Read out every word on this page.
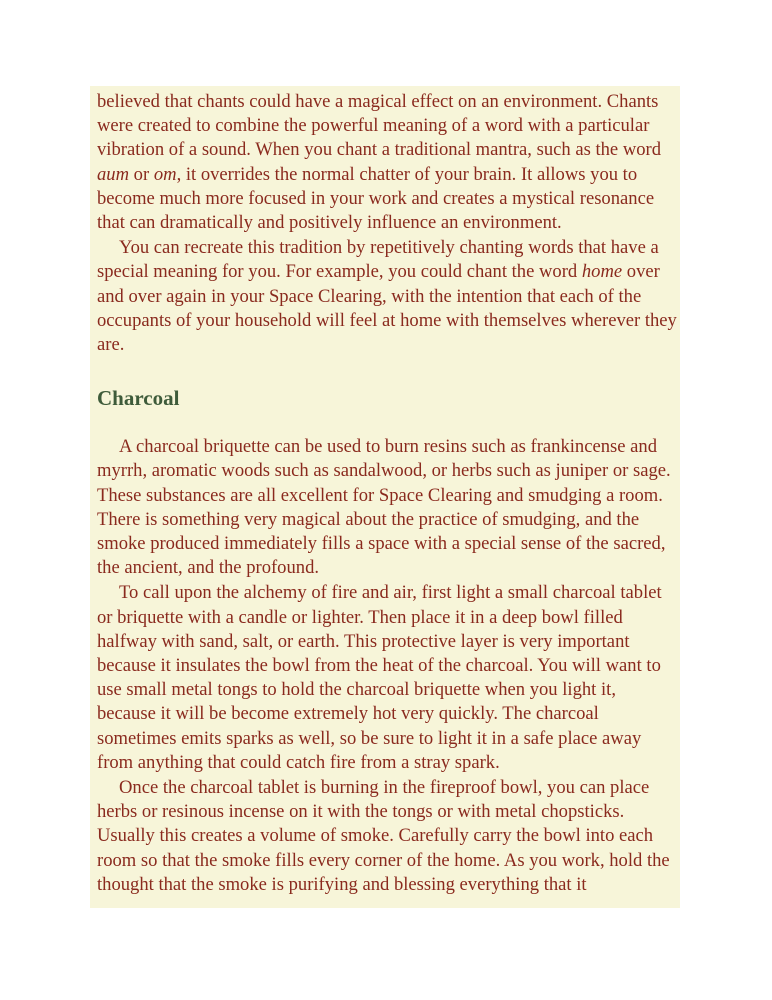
believed that chants could have a magical effect on an environment. Chants were created to combine the powerful meaning of a word with a particular vibration of a sound. When you chant a traditional mantra, such as the word aum or om, it overrides the normal chatter of your brain. It allows you to become much more focused in your work and creates a mystical resonance that can dramatically and positively influence an environment.

You can recreate this tradition by repetitively chanting words that have a special meaning for you. For example, you could chant the word home over and over again in your Space Clearing, with the intention that each of the occupants of your household will feel at home with themselves wherever they are.

Charcoal

A charcoal briquette can be used to burn resins such as frankincense and myrrh, aromatic woods such as sandalwood, or herbs such as juniper or sage. These substances are all excellent for Space Clearing and smudging a room. There is something very magical about the practice of smudging, and the smoke produced immediately fills a space with a special sense of the sacred, the ancient, and the profound.

To call upon the alchemy of fire and air, first light a small charcoal tablet or briquette with a candle or lighter. Then place it in a deep bowl filled halfway with sand, salt, or earth. This protective layer is very important because it insulates the bowl from the heat of the charcoal. You will want to use small metal tongs to hold the charcoal briquette when you light it, because it will be become extremely hot very quickly. The charcoal sometimes emits sparks as well, so be sure to light it in a safe place away from anything that could catch fire from a stray spark.

Once the charcoal tablet is burning in the fireproof bowl, you can place herbs or resinous incense on it with the tongs or with metal chopsticks. Usually this creates a volume of smoke. Carefully carry the bowl into each room so that the smoke fills every corner of the home. As you work, hold the thought that the smoke is purifying and blessing everything that it
